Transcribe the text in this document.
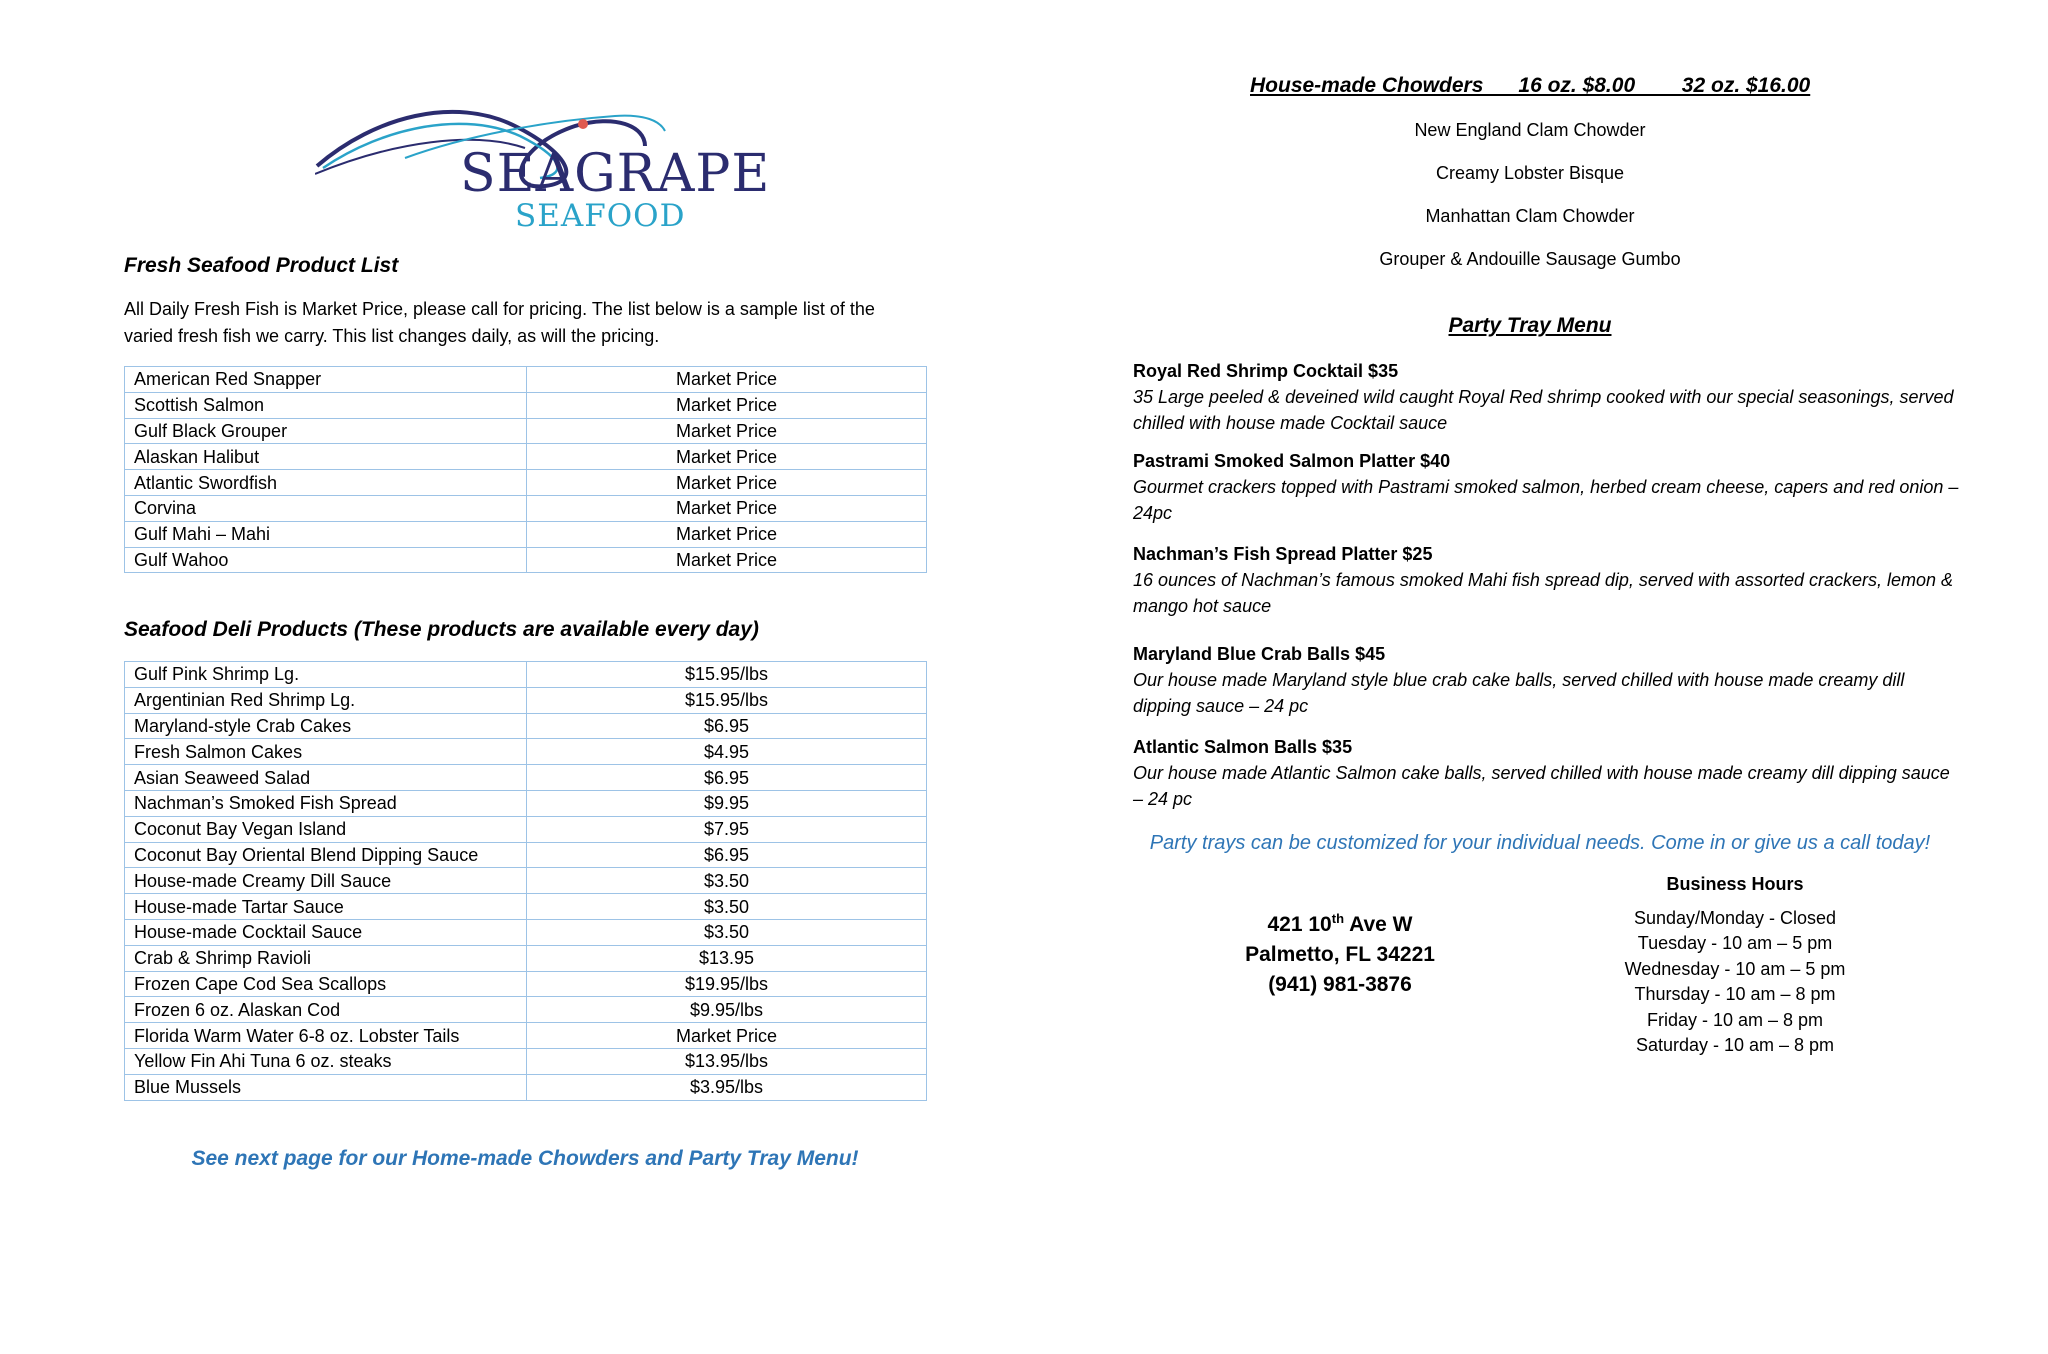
SEAGRAPE
SEAFOOD
Fresh Seafood Product List
All Daily Fresh Fish is Market Price, please call for pricing. The list below is a sample list of the varied fresh fish we carry. This list changes daily, as will the pricing.
American Red Snapper	Market Price
Scottish Salmon	Market Price
Gulf Black Grouper	Market Price
Alaskan Halibut	Market Price
Atlantic Swordfish	Market Price
Corvina	Market Price
Gulf Mahi – Mahi	Market Price
Gulf Wahoo	Market Price
Seafood Deli Products (These products are available every day)
Gulf Pink Shrimp Lg.	$15.95/lbs
Argentinian Red Shrimp Lg.	$15.95/lbs
Maryland-style Crab Cakes	$6.95
Fresh Salmon Cakes	$4.95
Asian Seaweed Salad	$6.95
Nachman’s Smoked Fish Spread	$9.95
Coconut Bay Vegan Island	$7.95
Coconut Bay Oriental Blend Dipping Sauce	$6.95
House-made Creamy Dill Sauce	$3.50
House-made Tartar Sauce	$3.50
House-made Cocktail Sauce	$3.50
Crab & Shrimp Ravioli	$13.95
Frozen Cape Cod Sea Scallops	$19.95/lbs
Frozen 6 oz. Alaskan Cod	$9.95/lbs
Florida Warm Water 6-8 oz. Lobster Tails	Market Price
Yellow Fin Ahi Tuna 6 oz. steaks	$13.95/lbs
Blue Mussels	$3.95/lbs
See next page for our Home-made Chowders and Party Tray Menu!
House-made Chowders      16 oz. $8.00        32 oz. $16.00
New England Clam Chowder
Creamy Lobster Bisque
Manhattan Clam Chowder
Grouper & Andouille Sausage Gumbo
Party Tray Menu
Royal Red Shrimp Cocktail $35
35 Large peeled & deveined wild caught Royal Red shrimp cooked with our special seasonings, served chilled with house made Cocktail sauce
Pastrami Smoked Salmon Platter $40
Gourmet crackers topped with Pastrami smoked salmon, herbed cream cheese, capers and red onion – 24pc
Nachman’s Fish Spread Platter $25
16 ounces of Nachman’s famous smoked Mahi fish spread dip, served with assorted crackers, lemon & mango hot sauce
Maryland Blue Crab Balls $45
Our house made Maryland style blue crab cake balls, served chilled with house made creamy dill dipping sauce – 24 pc
Atlantic Salmon Balls $35
Our house made Atlantic Salmon cake balls, served chilled with house made creamy dill dipping sauce – 24 pc
Party trays can be customized for your individual needs. Come in or give us a call today!
421 10th Ave W
Palmetto, FL 34221
(941) 981-3876
Business Hours
Sunday/Monday - Closed
Tuesday - 10 am – 5 pm
Wednesday - 10 am – 5 pm
Thursday - 10 am – 8 pm
Friday - 10 am – 8 pm
Saturday - 10 am – 8 pm
